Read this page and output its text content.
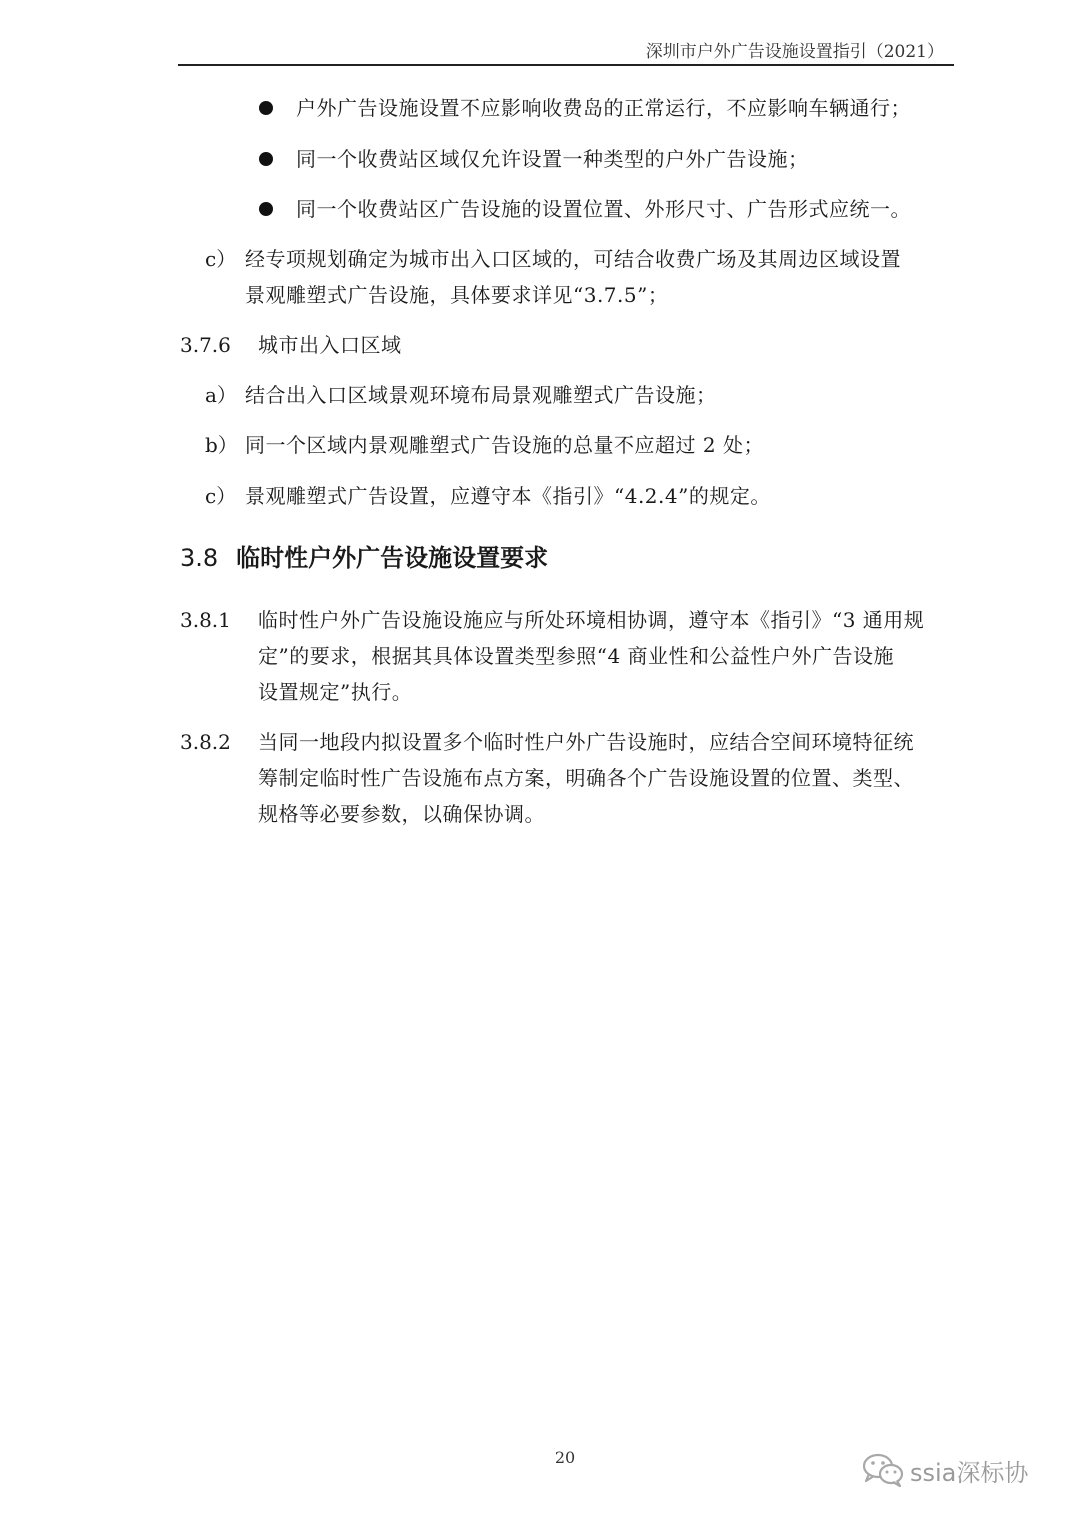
深圳市户外广告设施设置指引（2021）
户外广告设施设置不应影响收费岛的正常运行，不应影响车辆通行；
同一个收费站区域仅允许设置一种类型的户外广告设施；
同一个收费站区广告设施的设置位置、外形尺寸、广告形式应统一。
c） 经专项规划确定为城市出入口区域的，可结合收费广场及其周边区域设置
景观雕塑式广告设施，具体要求详见“3.7.5”；
3.7.6 城市出入口区域
a） 结合出入口区域景观环境布局景观雕塑式广告设施；
b） 同一个区域内景观雕塑式广告设施的总量不应超过 2 处；
c） 景观雕塑式广告设置，应遵守本《指引》“4.2.4”的规定。
3.8 临时性户外广告设施设置要求
3.8.1 临时性户外广告设施设施应与所处环境相协调，遵守本《指引》“3 通用规
定”的要求，根据其具体设置类型参照“4 商业性和公益性户外广告设施
设置规定”执行。
3.8.2 当同一地段内拟设置多个临时性户外广告设施时，应结合空间环境特征统
筹制定临时性广告设施布点方案，明确各个广告设施设置的位置、类型、
规格等必要参数，以确保协调。
20
ssia深标协
